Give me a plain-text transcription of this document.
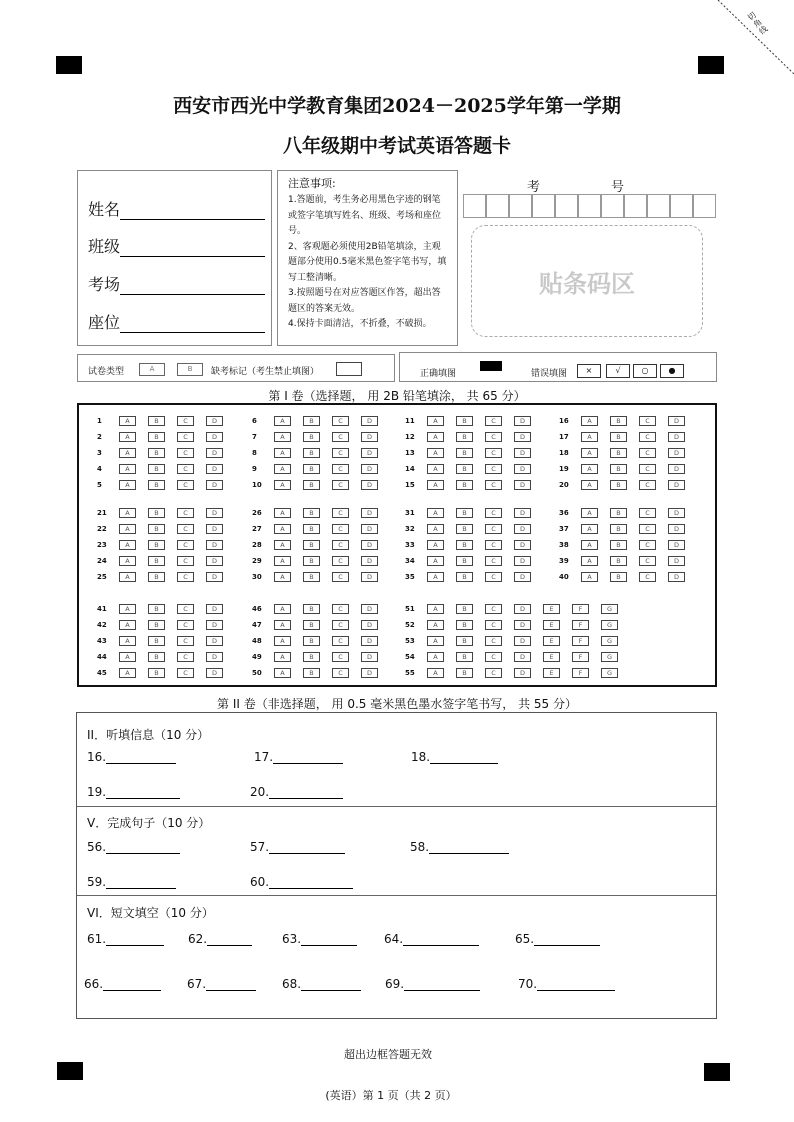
切角线
西安市西光中学教育集团2024－2025学年第一学期
八年级期中考试英语答题卡
姓名
班级
考场
座位

注意事项:

1.答题前，考生务必用黑色字迹的钢笔或签字笔填写姓名、班级、考场和座位号。

2、客观题必须使用2B铅笔填涂，主观题部分使用0.5毫米黑色签字笔书写，填写工整清晰。

3.按照题号在对应答题区作答，超出答题区的答案无效。

4.保持卡面清洁，不折叠，不破损。

考	号
贴条码区
试卷类型	A	B	缺考标记（考生禁止填图）	正确填图	错误填图	×	√	○	●
第 I 卷（选择题， 用 2B 铅笔填涂， 共 65 分）
1	A	B	C	D
2	A	B	C	D
3	A	B	C	D
4	A	B	C	D
5	A	B	C	D
6	A	B	C	D
7	A	B	C	D
8	A	B	C	D
9	A	B	C	D
10	A	B	C	D
11	A	B	C	D
12	A	B	C	D
13	A	B	C	D
14	A	B	C	D
15	A	B	C	D
16	A	B	C	D
17	A	B	C	D
18	A	B	C	D
19	A	B	C	D
20	A	B	C	D
21	A	B	C	D
22	A	B	C	D
23	A	B	C	D
24	A	B	C	D
25	A	B	C	D
26	A	B	C	D
27	A	B	C	D
28	A	B	C	D
29	A	B	C	D
30	A	B	C	D
31	A	B	C	D
32	A	B	C	D
33	A	B	C	D
34	A	B	C	D
35	A	B	C	D
36	A	B	C	D
37	A	B	C	D
38	A	B	C	D
39	A	B	C	D
40	A	B	C	D
41	A	B	C	D
42	A	B	C	D
43	A	B	C	D
44	A	B	C	D
45	A	B	C	D
46	A	B	C	D
47	A	B	C	D
48	A	B	C	D
49	A	B	C	D
50	A	B	C	D
51	A	B	C	D	E	F	G
52	A	B	C	D	E	F	G
53	A	B	C	D	E	F	G
54	A	B	C	D	E	F	G
55	A	B	C	D	E	F	G
第 II 卷（非选择题， 用 0.5 毫米黑色墨水签字笔书写， 共 55 分）
II．听填信息（10 分）
16.	17.	18.
19.	20.
V．完成句子（10 分）
56.	57.	58.
59.	60.
VI．短文填空（10 分）
61.	62.	63.	64.	65.
66.	67.	68.	69.	70.
超出边框答题无效
(英语）第 1 页（共 2 页）
